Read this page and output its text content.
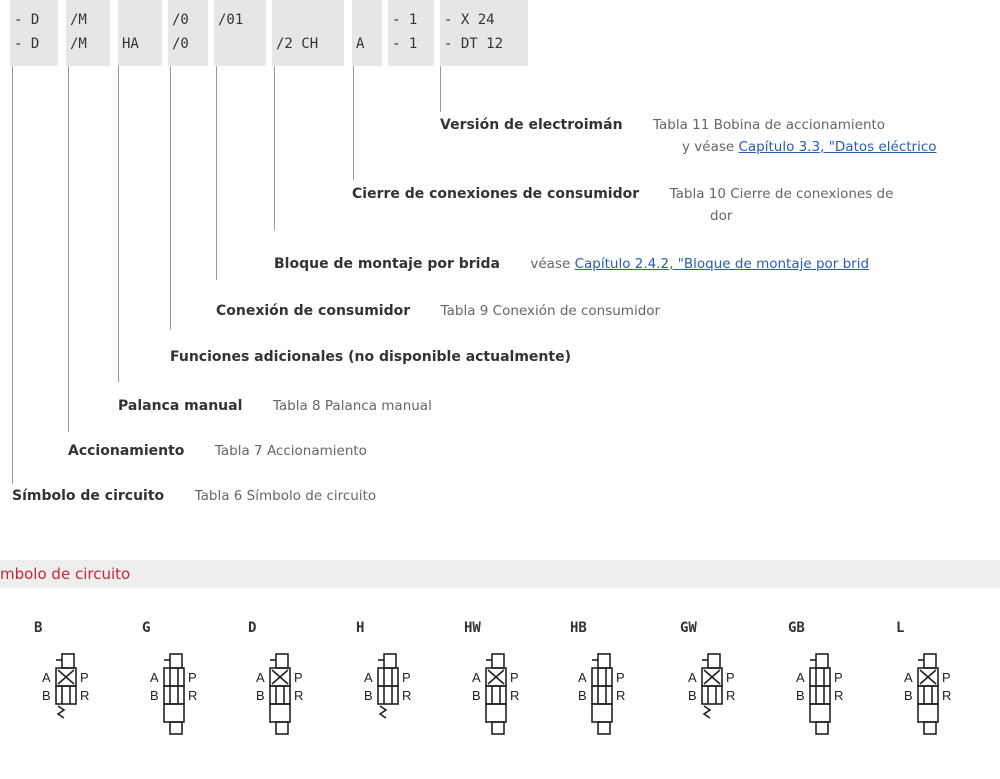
- D
- D
/M
/M	HA
/0
/0
/01
/2 CH	A
- 1
- 1
- X 24
- DT 12
Versión de electroimán Tabla 11 Bobina de accionamiento
y véase Capítulo 3.3, "Datos eléctrico
Cierre de conexiones de consumidor Tabla 10 Cierre de conexiones de
dor
Bloque de montaje por brida véase Capítulo 2.4.2, "Bloque de montaje por brid
Conexión de consumidor Tabla 9 Conexión de consumidor
Funciones adicionales (no disponible actualmente)
Palanca manual Tabla 8 Palanca manual
Accionamiento Tabla 7 Accionamiento
Símbolo de circuito Tabla 6 Símbolo de circuito
mbolo de circuito
B
A
B
P
R
G
A
B
P
R
D
A
B
P
R
H
A
B
P
R
HW
A
B
P
R
HB
A
B
P
R
GW
A
B
P
R
GB
A
B
P
R
L
A
B
P
R
